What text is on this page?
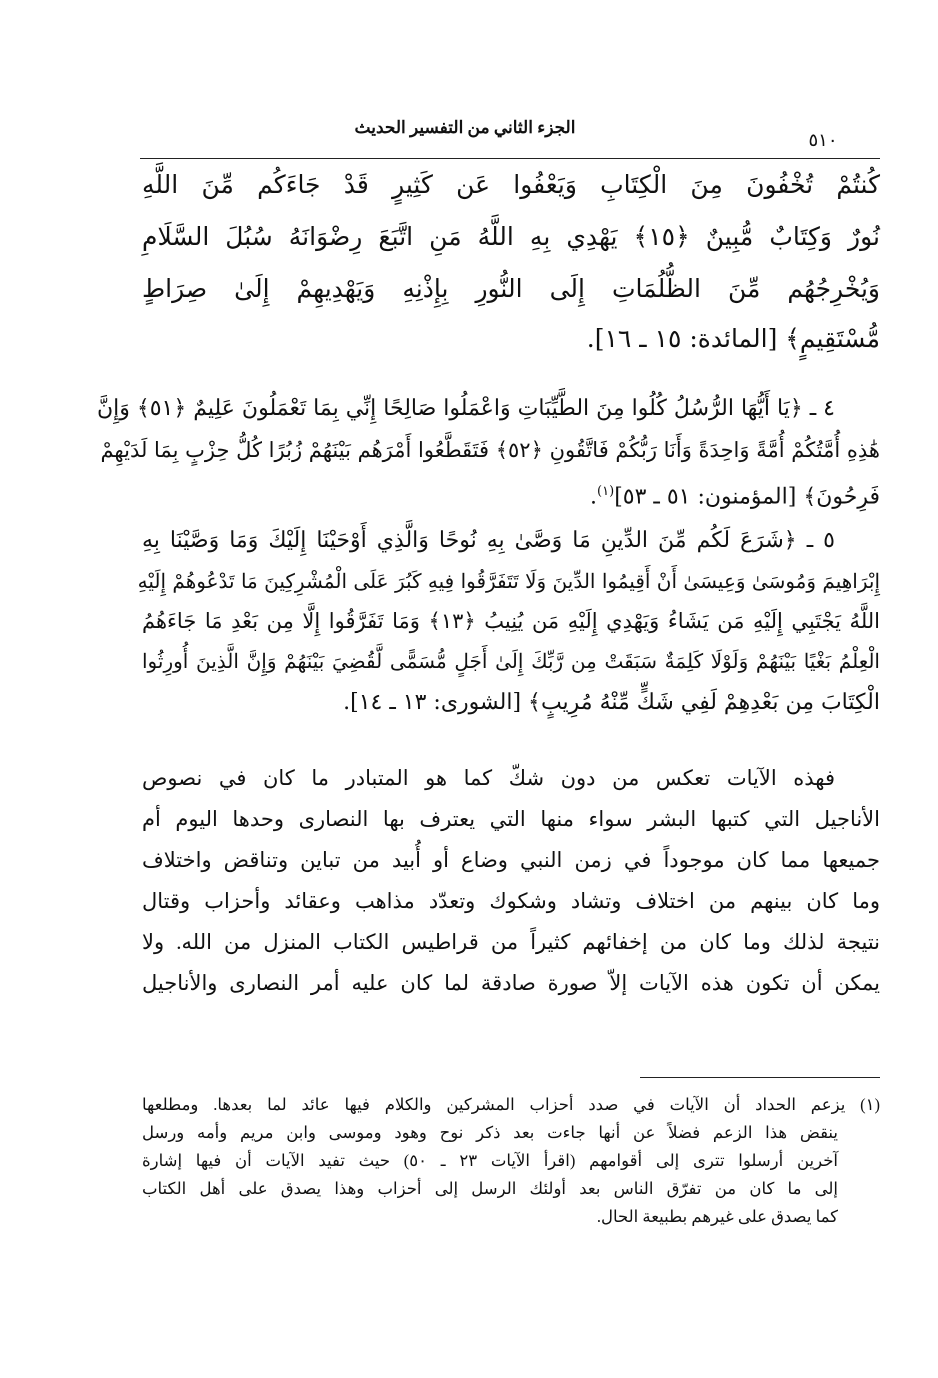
الجزء الثاني من التفسير الحديث
٥١٠
كُنتُمْ تُخْفُونَ مِنَ الْكِتَابِ وَيَعْفُوا عَن كَثِيرٍ قَدْ جَاءَكُم مِّنَ اللَّهِ
نُورٌ وَكِتَابٌ مُّبِينٌ ﴿١٥﴾ يَهْدِي بِهِ اللَّهُ مَنِ اتَّبَعَ رِضْوَانَهُ سُبُلَ السَّلَامِ
وَيُخْرِجُهُم مِّنَ الظُّلُمَاتِ إِلَى النُّورِ بِإِذْنِهِ وَيَهْدِيهِمْ إِلَىٰ صِرَاطٍ
مُّسْتَقِيمٍ﴾ [المائدة: ١٥ ـ ١٦].
٤ ـ ﴿يَا أَيُّهَا الرُّسُلُ كُلُوا مِنَ الطَّيِّبَاتِ وَاعْمَلُوا صَالِحًا إِنِّي بِمَا تَعْمَلُونَ عَلِيمٌ ﴿٥١﴾ وَإِنَّ
هَٰذِهِ أُمَّتُكُمْ أُمَّةً وَاحِدَةً وَأَنَا رَبُّكُمْ فَاتَّقُونِ ﴿٥٢﴾ فَتَقَطَّعُوا أَمْرَهُم بَيْنَهُمْ زُبُرًا كُلُّ حِزْبٍ بِمَا لَدَيْهِمْ
فَرِحُونَ﴾ [المؤمنون: ٥١ ـ ٥٣]$^{(١)}$.
٥ ـ ﴿شَرَعَ لَكُم مِّنَ الدِّينِ مَا وَصَّىٰ بِهِ نُوحًا وَالَّذِي أَوْحَيْنَا إِلَيْكَ وَمَا وَصَّيْنَا بِهِ
إِبْرَاهِيمَ وَمُوسَىٰ وَعِيسَىٰ أَنْ أَقِيمُوا الدِّينَ وَلَا تَتَفَرَّقُوا فِيهِ كَبُرَ عَلَى الْمُشْرِكِينَ مَا تَدْعُوهُمْ إِلَيْهِ
اللَّهُ يَجْتَبِي إِلَيْهِ مَن يَشَاءُ وَيَهْدِي إِلَيْهِ مَن يُنِيبُ ﴿١٣﴾ وَمَا تَفَرَّقُوا إِلَّا مِن بَعْدِ مَا جَاءَهُمُ
الْعِلْمُ بَغْيًا بَيْنَهُمْ وَلَوْلَا كَلِمَةٌ سَبَقَتْ مِن رَّبِّكَ إِلَىٰ أَجَلٍ مُّسَمًّى لَّقُضِيَ بَيْنَهُمْ وَإِنَّ الَّذِينَ أُورِثُوا
الْكِتَابَ مِن بَعْدِهِمْ لَفِي شَكٍّ مِّنْهُ مُرِيبٍ﴾ [الشورى: ١٣ ـ ١٤].
فهذه الآيات تعكس من دون شكّ كما هو المتبادر ما كان في نصوص
الأناجيل التي كتبها البشر سواء منها التي يعترف بها النصارى وحدها اليوم أم
جميعها مما كان موجوداً في زمن النبي وضاع أو أُبيد من تباين وتناقض واختلاف
وما كان بينهم من اختلاف وتشاد وشكوك وتعدّد مذاهب وعقائد وأحزاب وقتال
نتيجة لذلك وما كان من إخفائهم كثيراً من قراطيس الكتاب المنزل من الله. ولا
يمكن أن تكون هذه الآيات إلاّ صورة صادقة لما كان عليه أمر النصارى والأناجيل
(١) يزعم الحداد أن الآيات في صدد أحزاب المشركين والكلام فيها عائد لما بعدها. ومطلعها
ينقض هذا الزعم فضلاً عن أنها جاءت بعد ذكر نوح وهود وموسى وابن مريم وأمه ورسل
آخرين أرسلوا تترى إلى أقوامهم (اقرأ الآيات ٢٣ ـ ٥٠) حيث تفيد الآيات أن فيها إشارة
إلى ما كان من تفرّق الناس بعد أولئك الرسل إلى أحزاب وهذا يصدق على أهل الكتاب
كما يصدق على غيرهم بطبيعة الحال.
